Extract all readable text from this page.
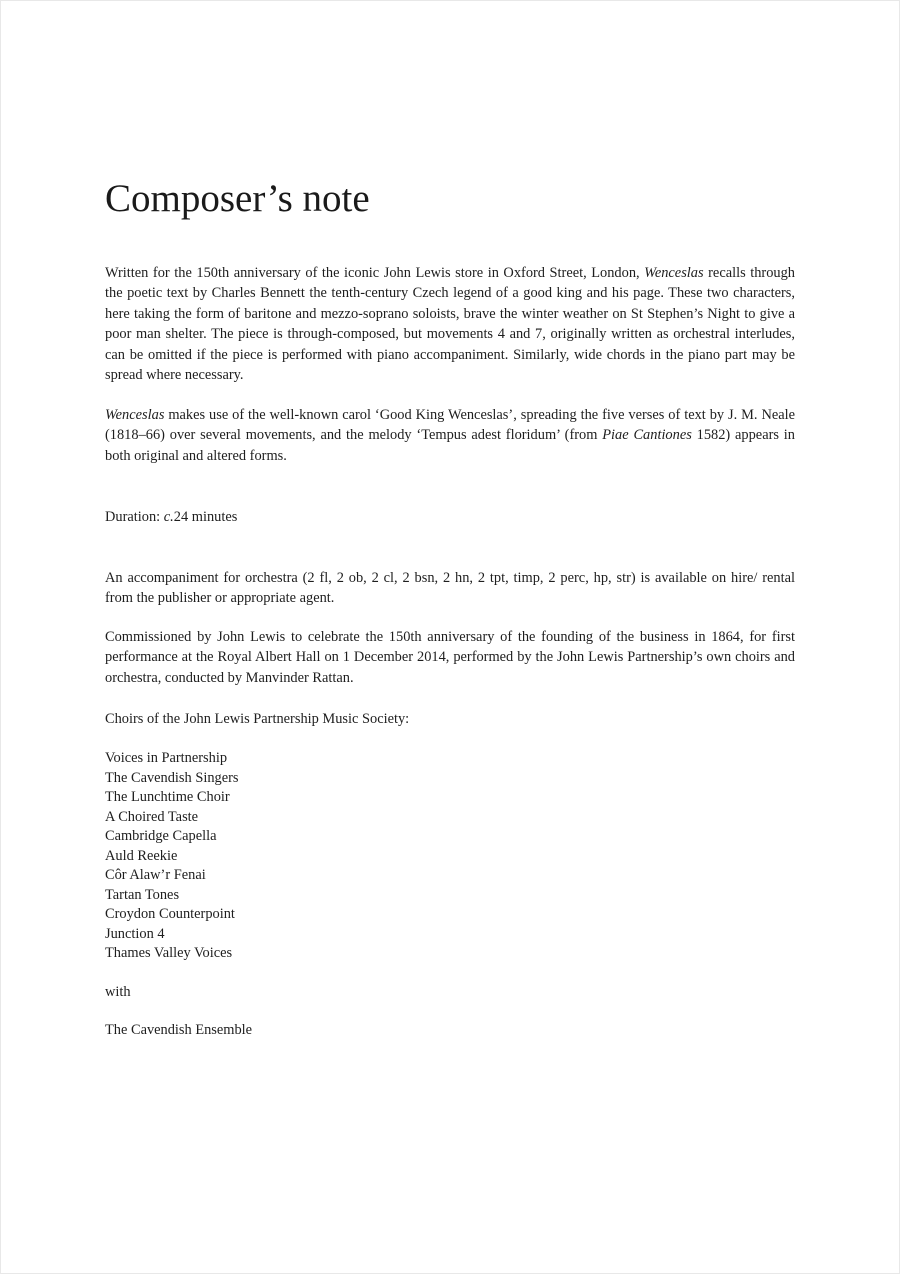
Composer’s note

Written for the 150th anniversary of the iconic John Lewis store in Oxford Street, London, Wenceslas recalls through the poetic text by Charles Bennett the tenth-century Czech legend of a good king and his page. These two characters, here taking the form of baritone and mezzo-soprano soloists, brave the winter weather on St Stephen’s Night to give a poor man shelter. The piece is through-composed, but movements 4 and 7, originally written as orchestral interludes, can be omitted if the piece is performed with piano accompaniment. Similarly, wide chords in the piano part may be spread where necessary.

Wenceslas makes use of the well-known carol ‘Good King Wenceslas’, spreading the five verses of text by J. M. Neale (1818–66) over several movements, and the melody ‘Tempus adest floridum’ (from Piae Cantiones 1582) appears in both original and altered forms.

Duration: c.24 minutes

An accompaniment for orchestra (2 fl, 2 ob, 2 cl, 2 bsn, 2 hn, 2 tpt, timp, 2 perc, hp, str) is available on hire/ rental from the publisher or appropriate agent.

Commissioned by John Lewis to celebrate the 150th anniversary of the founding of the business in 1864, for first performance at the Royal Albert Hall on 1 December 2014, performed by the John Lewis Partnership’s own choirs and orchestra, conducted by Manvinder Rattan.

Choirs of the John Lewis Partnership Music Society:

Voices in Partnership
The Cavendish Singers
The Lunchtime Choir
A Choired Taste
Cambridge Capella
Auld Reekie
Côr Alaw’r Fenai
Tartan Tones
Croydon Counterpoint
Junction 4
Thames Valley Voices

with

The Cavendish Ensemble
